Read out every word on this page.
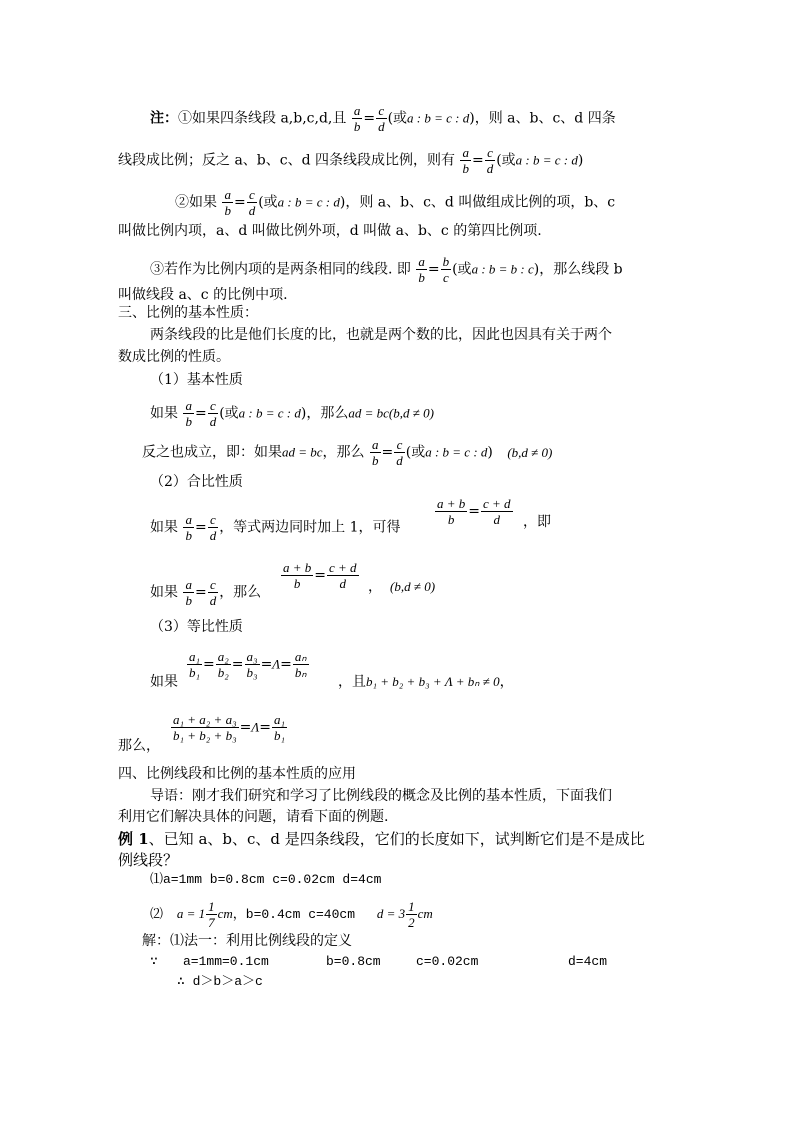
注：①如果四条线段 a,b,c,d,且 $\frac{a}{b} = \frac{c}{d}$ (或a : b = c : d)，则 a、b、c、d 四条
线段成比例；反之 a、b、c、d 四条线段成比例，则有 $\frac{a}{b} = \frac{c}{d}$ (或a : b = c : d)
②如果 $\frac{a}{b} = \frac{c}{d}$ (或a : b = c : d)，则 a、b、c、d 叫做组成比例的项，b、c
叫做比例内项，a、d 叫做比例外项，d 叫做 a、b、c 的第四比例项.
③若作为比例内项的是两条相同的线段. 即 $\frac{a}{b} = \frac{b}{c}$ (或a : b = b : c)，那么线段 b
叫做线段 a、c 的比例中项.
三、比例的基本性质：
两条线段的比是他们长度的比，也就是两个数的比，因此也因具有关于两个
数成比例的性质。
（1）基本性质
如果 $\frac{a}{b} = \frac{c}{d}$ (或a : b = c : d)，那么ad = bc(b,d ≠ 0)
反之也成立，即：如果ad = bc，那么 $\frac{a}{b} = \frac{c}{d}$ (或a : b = c : d) (b,d ≠ 0)
（2）合比性质
如果 $\frac{a}{b} = \frac{c}{d}$ ，等式两边同时加上 1，可得
$\frac{a + b}{b} = \frac{c + d}{d}$ ，即
如果 $\frac{a}{b} = \frac{c}{d}$ ，那么
$\frac{a + b}{b} = \frac{c + d}{d}$ ， (b,d ≠ 0)
（3）等比性质
如果
$\frac{\text{a₁}}{\text{b₁}} = \frac{\text{a₂}}{\text{b₂}} = \frac{\text{a₃}}{\text{b₃}} =\Lambda= \frac{\text{aₙ}}{\text{bₙ}}$
，且b₁ + b₂ + b₃ + Λ + bₙ ≠ 0，
$\frac{\text{a₁ + a₂ + a₃}}{\text{b₁ + b₂ + b₃}} =\Lambda= \frac{\text{a₁}}{\text{b₁}}$
那么，
四、比例线段和比例的基本性质的应用
导语：刚才我们研究和学习了比例线段的概念及比例的基本性质，下面我们
利用它们解决具体的问题，请看下面的例题.
例 1、已知 a、b、c、d 是四条线段，它们的长度如下，试判断它们是不是成比
例线段？
⑴a=1mm b=0.8cm c=0.02cm d=4cm
⑵ $a = 1 \frac{1}{7}$ cm，b=0.4cm c=40cm $d = 3 \frac{1}{2}$ cm
解：⑴法一：利用比例线段的定义
∵ a=1mm=0.1cm	b=0.8cm	c=0.02cm	d=4cm
∴ d＞b＞a＞c
